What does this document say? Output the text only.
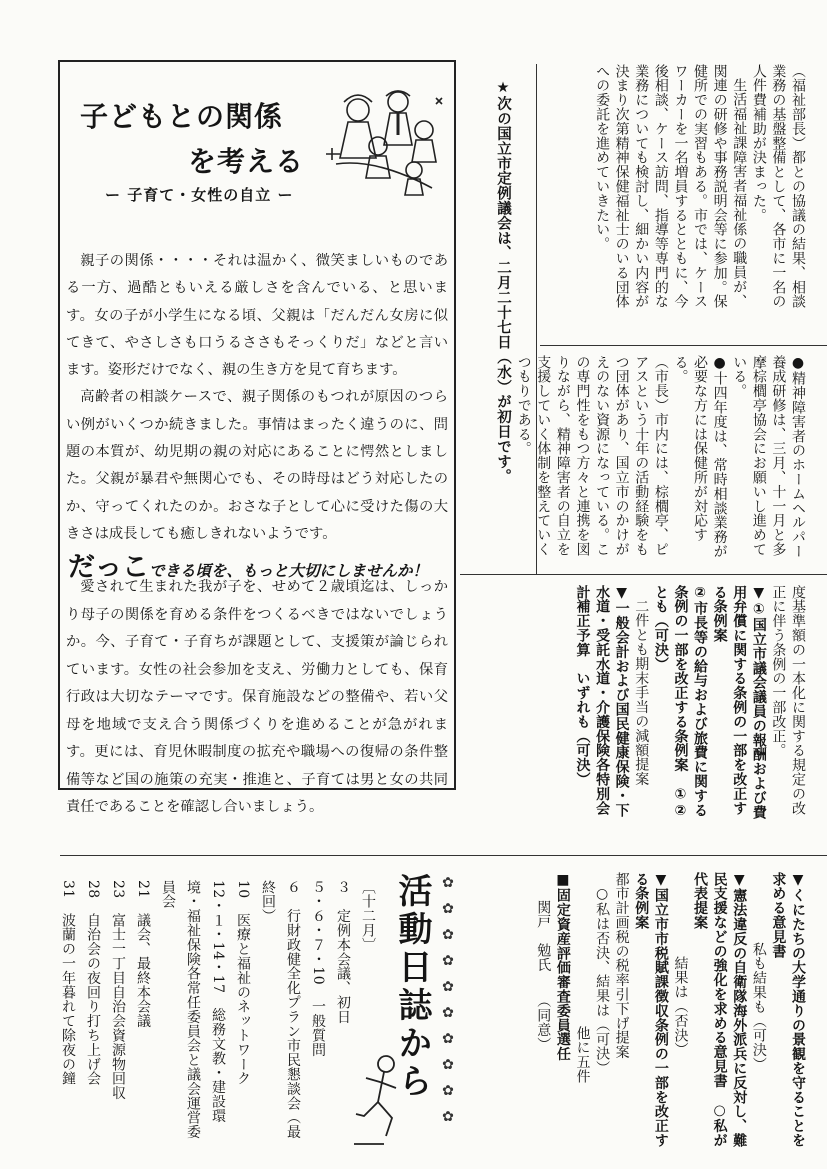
子どもとの関係
を考える
ー 子育て・女性の自立 ー

親子の関係・・・・それは温かく、微笑ましいものである一方、過酷ともいえる厳しさを含んでいる、と思います。女の子が小学生になる頃、父親は「だんだん女房に似てきて、やさしさも口うるささもそっくりだ」などと言います。姿形だけでなく、親の生き方を見て育ちます。

高齢者の相談ケースで、親子関係のもつれが原因のつらい例がいくつか続きました。事情はまったく違うのに、問題の本質が、幼児期の親の対応にあることに愕然としました。父親が暴君や無関心でも、その時母はどう対応したのか、守ってくれたのか。おさな子として心に受けた傷の大きさは成長しても癒しきれないようです。

だっこできる頃を、もっと大切にしませんか！

愛されて生まれた我が子を、せめて２歳頃迄は、しっかり母子の関係を育める条件をつくるべきではないでしょうか。今、子育て・子育ちが課題として、支援策が論じられています。女性の社会参加を支え、労働力としても、保育行政は大切なテーマです。保育施設などの整備や、若い父母を地域で支え合う関係づくりを進めることが急がれます。更には、育児休暇制度の拡充や職場への復帰の条件整備等など国の施策の充実・推進と、子育ては男と女の共同責任であることを確認し合いましょう。

（福祉部長）都との協議の結果、相談業務の基盤整備として、各市に一名の人件費補助が決まった。

生活福祉課障害者福祉係の職員が、関連の研修や事務説明会等に参加。保健所での実習もある。市では、ケースワーカーを一名増員するとともに、今後相談、ケース訪問、指導等専門的な業務についても検討し、細かい内容が決まり次第精神保健福祉士のいる団体への委託を進めていきたい。

●精神障害者のホームヘルパー養成研修は、三月、十一月と多摩棕櫚亭協会にお願いし進めている。

●十四年度は、常時相談業務が必要な方には保健所が対応する。

（市長）市内には、棕櫚亭、ピアスという十年の活動経験をもつ団体があり、国立市のかけがえのない資源になっている。この専門性をもつ方々と連携を図りながら、精神障害者の自立を支援していく体制を整えていくつもりである。

★次の国立市定例議会は、二月二十七日（水）が初日です。

度基準額の一本化に関する規定の改正に伴う条例の一部改正。

▼①国立市議会議員の報酬および費用弁償に関する条例の一部を改正する条例案

②市長等の給与および旅費に関する条例の一部を改正する条例案　①②とも（可決）

二件とも期末手当の減額提案

▼一般会計および国民健康保険・下水道・受託水道・介護保険各特別会計補正予算　いずれも（可決）

▼くにたちの大学通りの景観を守ることを求める意見書

私も結果も（可決）

▼憲法違反の自衛隊海外派兵に反対し、難民支援などの強化を求める意見書　○私が代表提案

結果は（否決）

▼国立市市税賦課徴収条例の一部を改正する条例案

都市計画税の税率引下げ提案

○私は否決、結果は（可決）

他に五件

■固定資産評価審査委員選任

関戸　勉氏　　（同意）

✿✿✿✿✿✿✿✿✿✿
活動日誌から

〔十二月〕

３　定例本会議、初日

５・６・７・10　一般質問

６　行財政健全化プラン市民懇談会（最終回）

10　医療と福祉のネットワーク

12・１・14・17　総務文教・建設環境・福祉保険各常任委員会と議会運営委員会

21　議会、最終本会議

23　富士一丁目自治会資源物回収

28　自治会の夜回り打ち上げ会

31　波蘭の一年暮れて除夜の鐘
